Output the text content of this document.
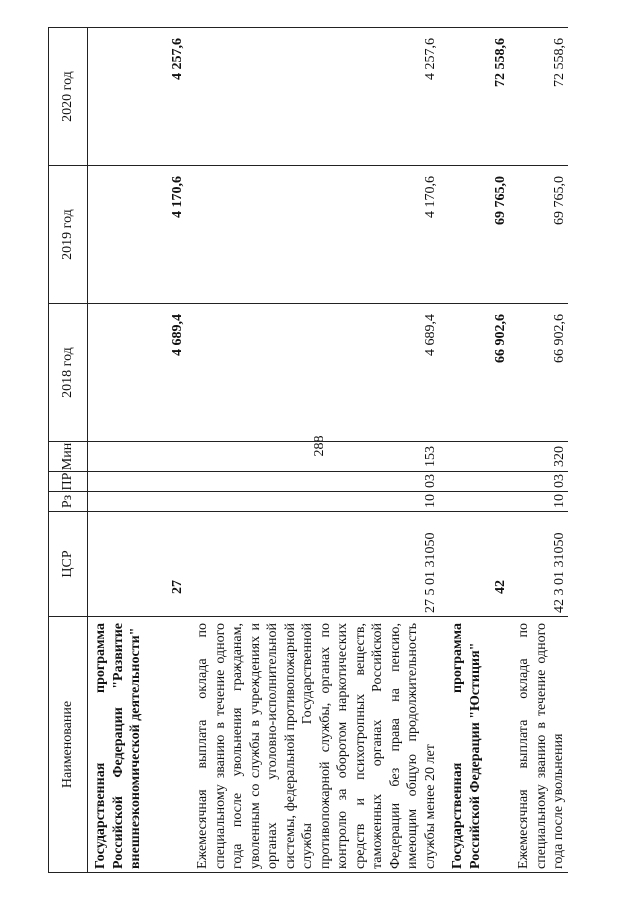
288
Наименование	ЦСР	Рз	ПР	Мин	2018 год	2019 год	2020 год
Государственная программа Российской Федерации "Развитие внешнеэкономической деятельности"	27				4 689,4	4 170,6	4 257,6
Ежемесячная выплата оклада по специальному званию в течение одного года после увольнения гражданам, уволенным со службы в учреждениях и органах уголовно-исполнительной системы, федеральной противопожарной службы Государственной противопожарной службы, органах по контролю за оборотом наркотических средств и психотропных веществ, таможенных органах Российской Федерации без права на пенсию, имеющим общую продолжительность службы менее 20 лет	27 5 01 31050	10	03	153	4 689,4	4 170,6	4 257,6
Государственная программа Российской Федерации "Юстиция"	42				66 902,6	69 765,0	72 558,6
Ежемесячная выплата оклада по специальному званию в течение одного года после увольнения	42 3 01 31050	10	03	320	66 902,6	69 765,0	72 558,6
